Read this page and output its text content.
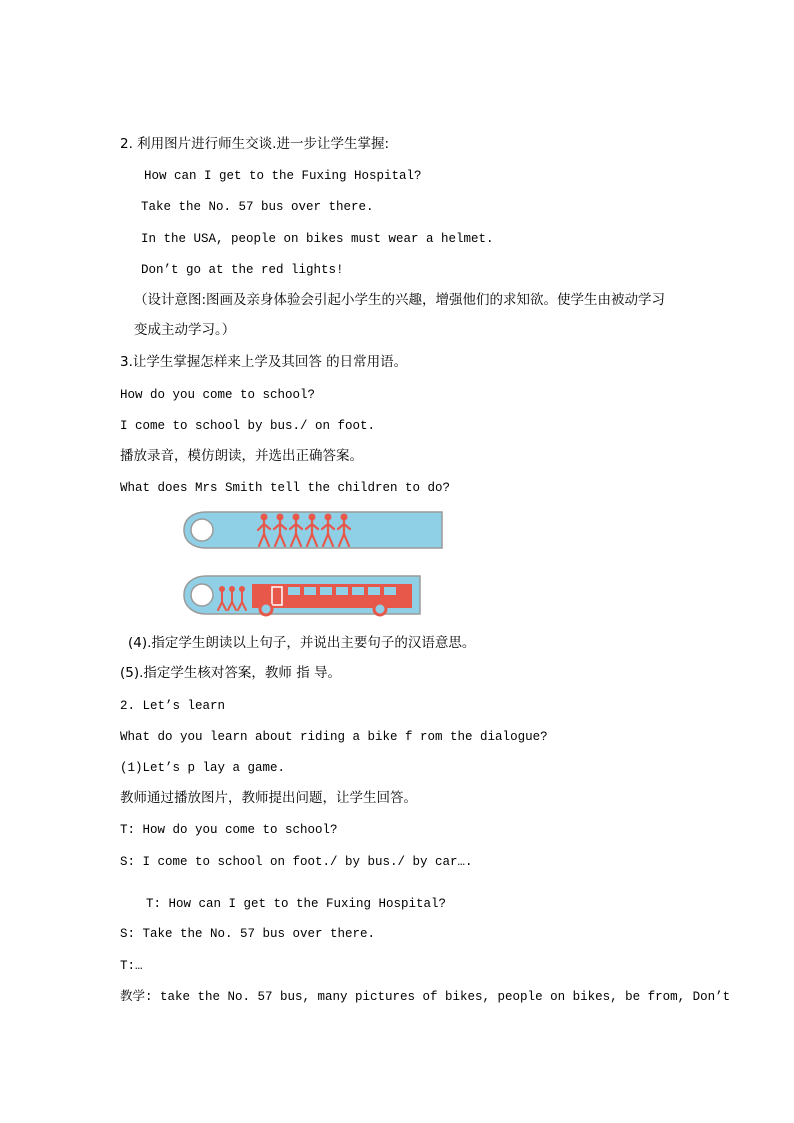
2. 利用图片进行师生交谈.进一步让学生掌握:
How can I get to the Fuxing Hospital?
Take the No. 57 bus over there.
In the USA, people on bikes must wear a helmet.
Don’t go at the red lights!
（设计意图:图画及亲身体验会引起小学生的兴趣，增强他们的求知欲。使学生由被动学习
变成主动学习。）
3.让学生掌握怎样来上学及其回答 的日常用语。
How do you come to school?
I come to school by bus./ on foot.
播放录音，模仿朗读，并选出正确答案。
What does Mrs Smith tell the children to do?
(4).指定学生朗读以上句子，并说出主要句子的汉语意思。
(5).指定学生核对答案，教师 指 导。
2. Let’s learn
What do you learn about riding a bike f rom the dialogue?
(1)Let’s p lay a game.
教师通过播放图片，教师提出问题，让学生回答。
T: How do you come to school?
S: I come to school on foot./ by bus./ by car….
T: How can I get to the Fuxing Hospital?
S: Take the No. 57 bus over there.
T:…
教学: take the No. 57 bus, many pictures of bikes, people on bikes, be from, Don’t
